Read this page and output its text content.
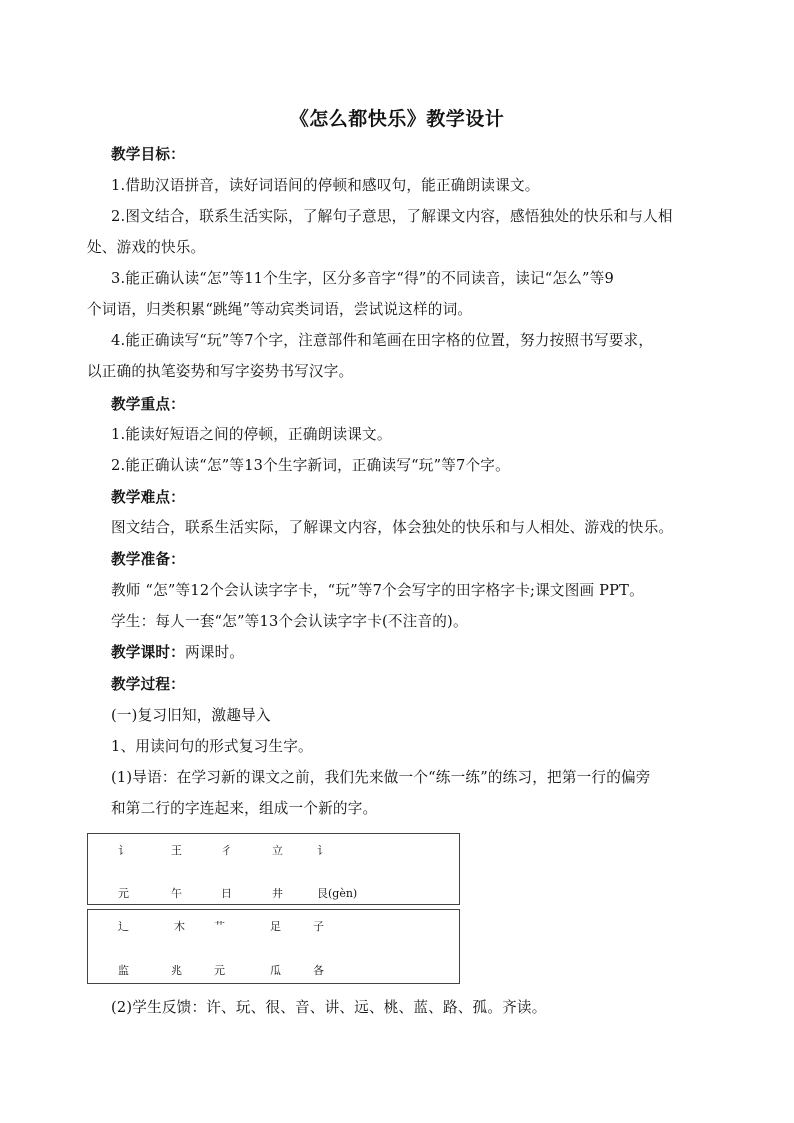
《怎么都快乐》教学设计
教学目标：
1.借助汉语拼音，读好词语间的停顿和感叹句，能正确朗读课文。
2.图文结合，联系生活实际，了解句子意思，了解课文内容，感悟独处的快乐和与人相
处、游戏的快乐。
3.能正确认读“怎”等11个生字，区分多音字“得”的不同读音，读记“怎么”等9
个词语，归类积累“跳绳”等动宾类词语，尝试说这样的词。
4.能正确读写“玩”等7个字，注意部件和笔画在田字格的位置，努力按照书写要求，
以正确的执笔姿势和写字姿势书写汉字。
教学重点：
1.能读好短语之间的停顿，正确朗读课文。
2.能正确认读“怎”等13个生字新词，正确读写“玩”等7个字。
教学难点：
图文结合，联系生活实际，了解课文内容，体会独处的快乐和与人相处、游戏的快乐。
教学准备：
教师 “怎”等12个会认读字字卡，“玩”等7个会写字的田字格字卡;课文图画 PPT。
学生：每人一套“怎”等13个会认读字字卡(不注音的)。
教学课时：两课时。
教学过程：
(一)复习旧知，激趣导入
1、用读问句的形式复习生字。
(1)导语：在学习新的课文之前，我们先来做一个“练一练”的练习，把第一行的偏旁
和第二行的字连起来，组成一个新的字。
讠	王	彳	立	讠
元	午	日	井	艮(gèn)
辶	木	艹	足	子
监	兆	元	瓜	各
(2)学生反馈：许、玩、很、音、讲、远、桃、蓝、路、孤。齐读。
